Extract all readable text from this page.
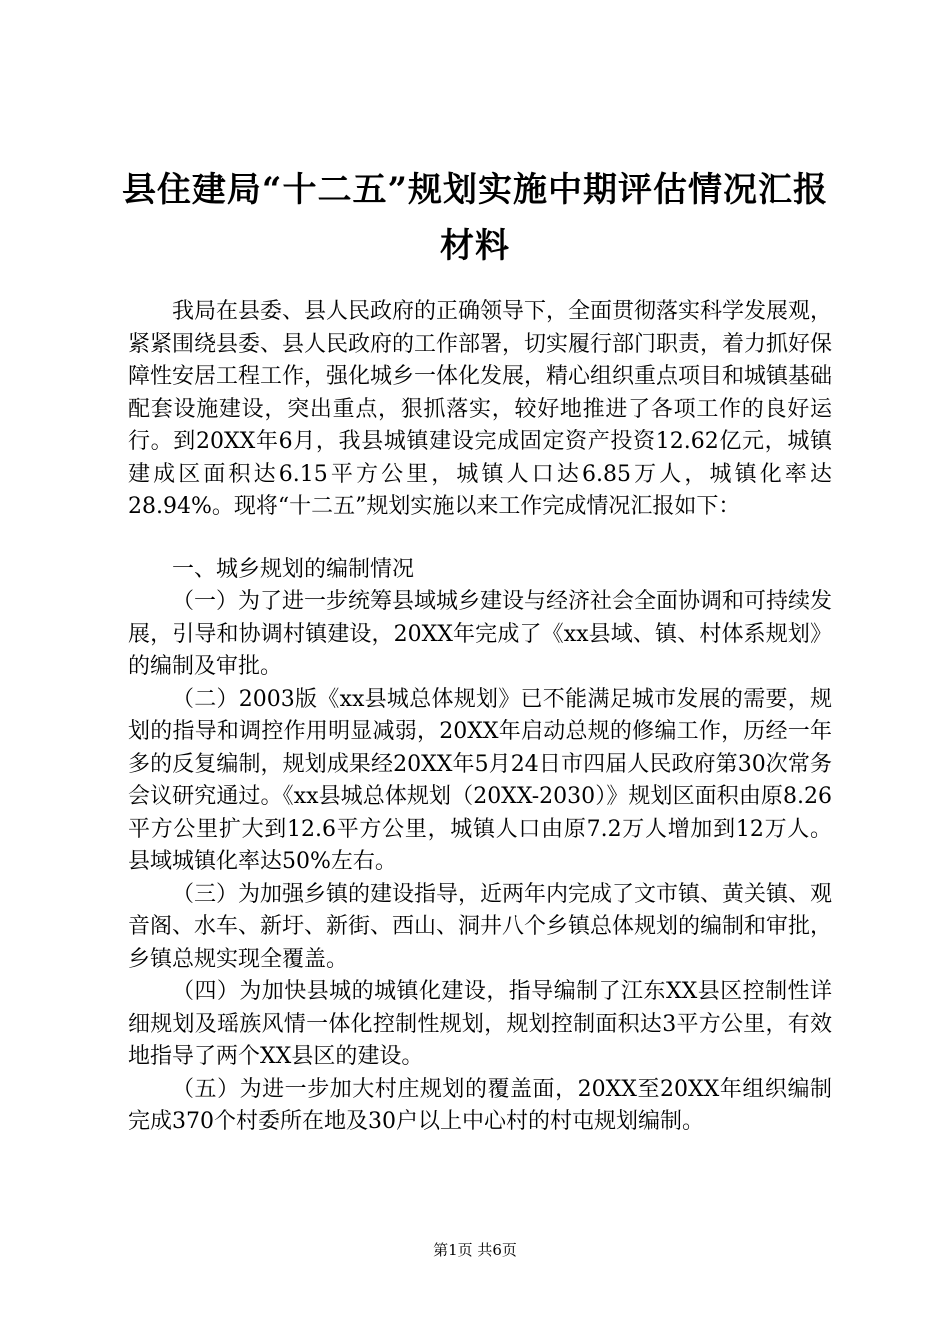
县住建局“十二五”规划实施中期评估情况汇报材料

我局在县委、县人民政府的正确领导下，全面贯彻落实科学发展观，紧紧围绕县委、县人民政府的工作部署，切实履行部门职责，着力抓好保障性安居工程工作，强化城乡一体化发展，精心组织重点项目和城镇基础配套设施建设，突出重点，狠抓落实，较好地推进了各项工作的良好运行。到20XX年6月，我县城镇建设完成固定资产投资12.62亿元，城镇建成区面积达6.15平方公里，城镇人口达6.85万人，城镇化率达28.94%。现将“十二五”规划实施以来工作完成情况汇报如下：

一、城乡规划的编制情况

（一）为了进一步统筹县域城乡建设与经济社会全面协调和可持续发展，引导和协调村镇建设，20XX年完成了《xx县域、镇、村体系规划》的编制及审批。

（二）2003版《xx县城总体规划》已不能满足城市发展的需要，规划的指导和调控作用明显减弱，20XX年启动总规的修编工作，历经一年多的反复编制，规划成果经20XX年5月24日市四届人民政府第30次常务会议研究通过。《xx县城总体规划（20XX-2030）》规划区面积由原8.26平方公里扩大到12.6平方公里，城镇人口由原7.2万人增加到12万人。县域城镇化率达50%左右。

（三）为加强乡镇的建设指导，近两年内完成了文市镇、黄关镇、观音阁、水车、新圩、新街、西山、洞井八个乡镇总体规划的编制和审批，乡镇总规实现全覆盖。

（四）为加快县城的城镇化建设，指导编制了江东XX县区控制性详细规划及瑶族风情一体化控制性规划，规划控制面积达3平方公里，有效地指导了两个XX县区的建设。

（五）为进一步加大村庄规划的覆盖面，20XX至20XX年组织编制完成370个村委所在地及30户以上中心村的村屯规划编制。

第1页 共6页
